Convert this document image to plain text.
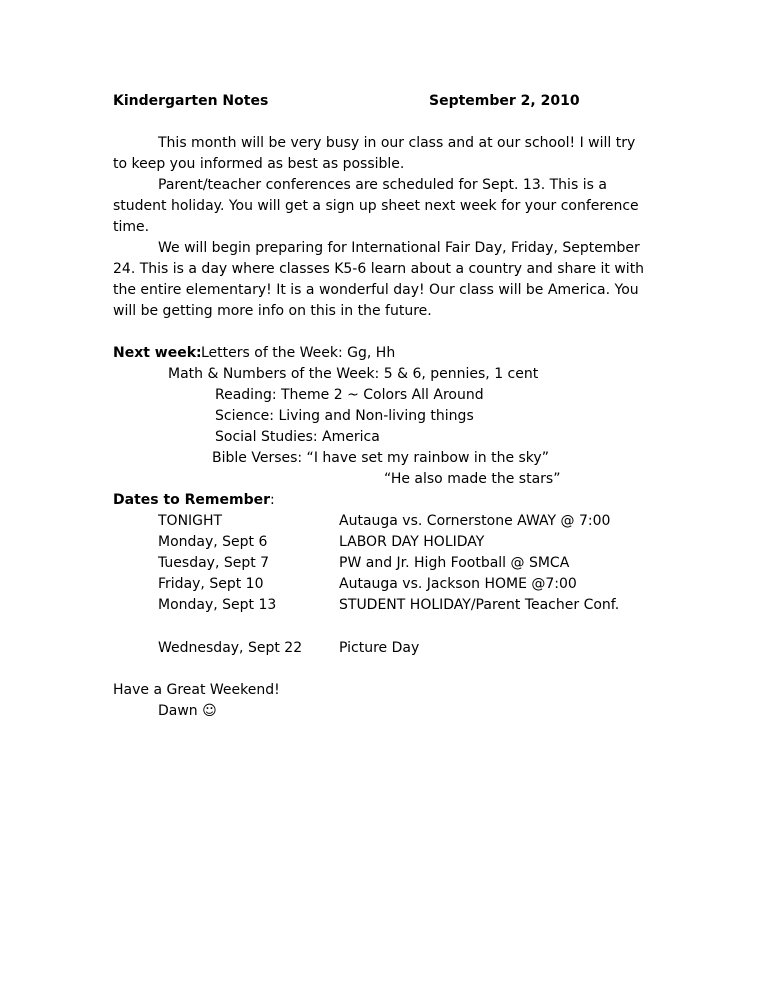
Kindergarten Notes	September 2, 2010
This month will be very busy in our class and at our school! I will try
to keep you informed as best as possible.
Parent/teacher conferences are scheduled for Sept. 13. This is a
student holiday. You will get a sign up sheet next week for your conference
time.
We will begin preparing for International Fair Day, Friday, September
24. This is a day where classes K5-6 learn about a country and share it with
the entire elementary! It is a wonderful day! Our class will be America. You
will be getting more info on this in the future.
Next week: Letters of the Week: Gg, Hh
Math & Numbers of the Week: 5 & 6, pennies, 1 cent
Reading: Theme 2 ~ Colors All Around
Science: Living and Non-living things
Social Studies: America
Bible Verses: “I have set my rainbow in the sky”
“He also made the stars”
Dates to Remember:
TONIGHT	Autauga vs. Cornerstone AWAY @ 7:00
Monday, Sept 6	LABOR DAY HOLIDAY
Tuesday, Sept 7	PW and Jr. High Football @ SMCA
Friday, Sept 10	Autauga vs. Jackson HOME @7:00
Monday, Sept 13	STUDENT HOLIDAY/Parent Teacher Conf.
Wednesday, Sept 22	Picture Day
Have a Great Weekend!
Dawn ☺
